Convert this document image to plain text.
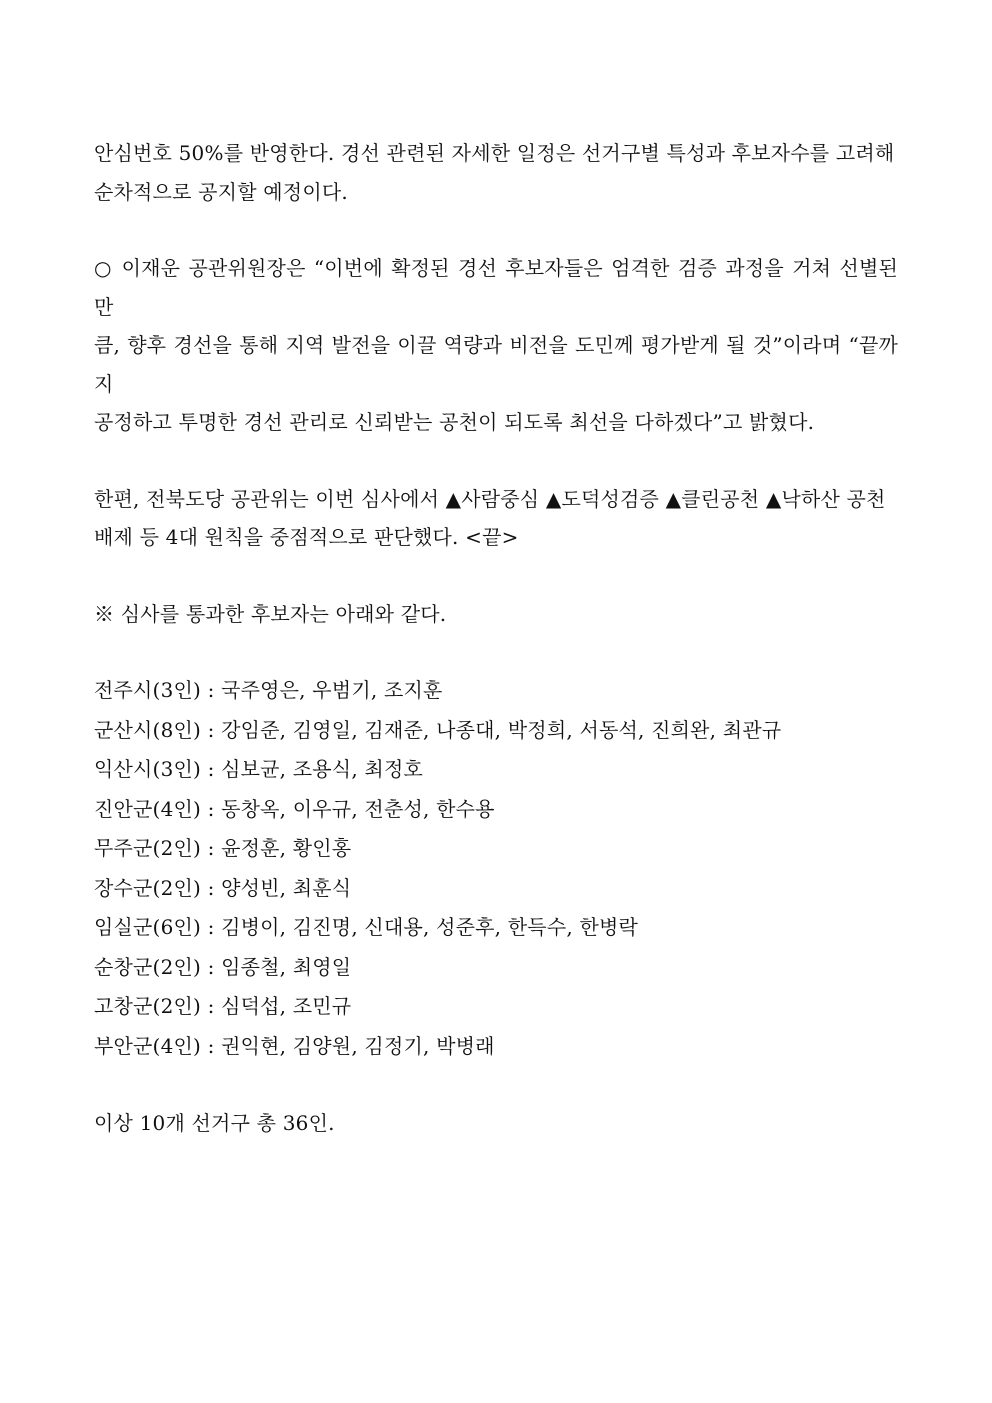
안심번호 50%를 반영한다. 경선 관련된 자세한 일정은 선거구별 특성과 후보자수를 고려해
순차적으로 공지할 예정이다.

○ 이재운 공관위원장은 “이번에 확정된 경선 후보자들은 엄격한 검증 과정을 거쳐 선별된 만
큼, 향후 경선을 통해 지역 발전을 이끌 역량과 비전을 도민께 평가받게 될 것”이라며 “끝까지
공정하고 투명한 경선 관리로 신뢰받는 공천이 되도록 최선을 다하겠다”고 밝혔다.

한편, 전북도당 공관위는 이번 심사에서 ▲사람중심 ▲도덕성검증 ▲클린공천 ▲낙하산 공천
배제 등 4대 원칙을 중점적으로 판단했다. <끝>

※ 심사를 통과한 후보자는 아래와 같다.

전주시(3인) : 국주영은, 우범기, 조지훈
군산시(8인) : 강임준, 김영일, 김재준, 나종대, 박정희, 서동석, 진희완, 최관규
익산시(3인) : 심보균, 조용식, 최정호
진안군(4인) : 동창옥, 이우규, 전춘성, 한수용
무주군(2인) : 윤정훈, 황인홍
장수군(2인) : 양성빈, 최훈식
임실군(6인) : 김병이, 김진명, 신대용, 성준후, 한득수, 한병락
순창군(2인) : 임종철, 최영일
고창군(2인) : 심덕섭, 조민규
부안군(4인) : 권익현, 김양원, 김정기, 박병래

이상 10개 선거구 총 36인.
